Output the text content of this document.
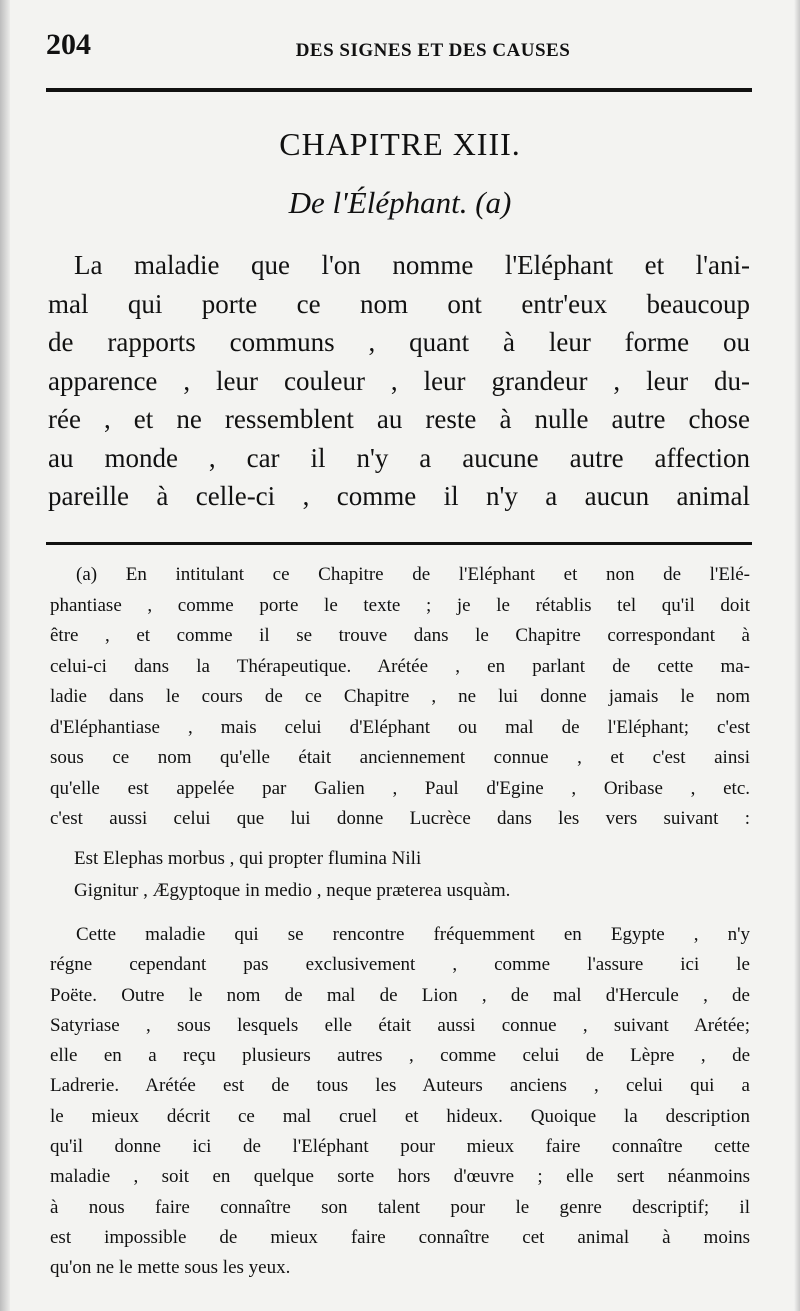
204	DES SIGNES ET DES CAUSES
CHAPITRE XIII.
De l'Éléphant. (a)
La maladie que l'on nomme l'Eléphant et l'ani-
mal qui porte ce nom ont entr'eux beaucoup
de rapports communs , quant à leur forme ou
apparence , leur couleur , leur grandeur , leur du-
rée , et ne ressemblent au reste à nulle autre chose
au monde , car il n'y a aucune autre affection
pareille à celle-ci , comme il n'y a aucun animal
(a) En intitulant ce Chapitre de l'Eléphant et non de l'Elé-
phantiase , comme porte le texte ; je le rétablis tel qu'il doit
être , et comme il se trouve dans le Chapitre correspondant à
celui-ci dans la Thérapeutique. Arétée , en parlant de cette ma-
ladie dans le cours de ce Chapitre , ne lui donne jamais le nom
d'Eléphantiase , mais celui d'Eléphant ou mal de l'Eléphant; c'est
sous ce nom qu'elle était anciennement connue , et c'est ainsi
qu'elle est appelée par Galien , Paul d'Egine , Oribase , etc.
c'est aussi celui que lui donne Lucrèce dans les vers suivant :
Est Elephas morbus , qui propter flumina Nili
Gignitur , Ægyptoque in medio , neque præterea usquàm.
Cette maladie qui se rencontre fréquemment en Egypte , n'y
régne cependant pas exclusivement , comme l'assure ici le
Poëte. Outre le nom de mal de Lion , de mal d'Hercule , de
Satyriase , sous lesquels elle était aussi connue , suivant Arétée;
elle en a reçu plusieurs autres , comme celui de Lèpre , de
Ladrerie. Arétée est de tous les Auteurs anciens , celui qui a
le mieux décrit ce mal cruel et hideux. Quoique la description
qu'il donne ici de l'Eléphant pour mieux faire connaître cette
maladie , soit en quelque sorte hors d'œuvre ; elle sert néanmoins
à nous faire connaître son talent pour le genre descriptif; il
est impossible de mieux faire connaître cet animal à moins
qu'on ne le mette sous les yeux.
